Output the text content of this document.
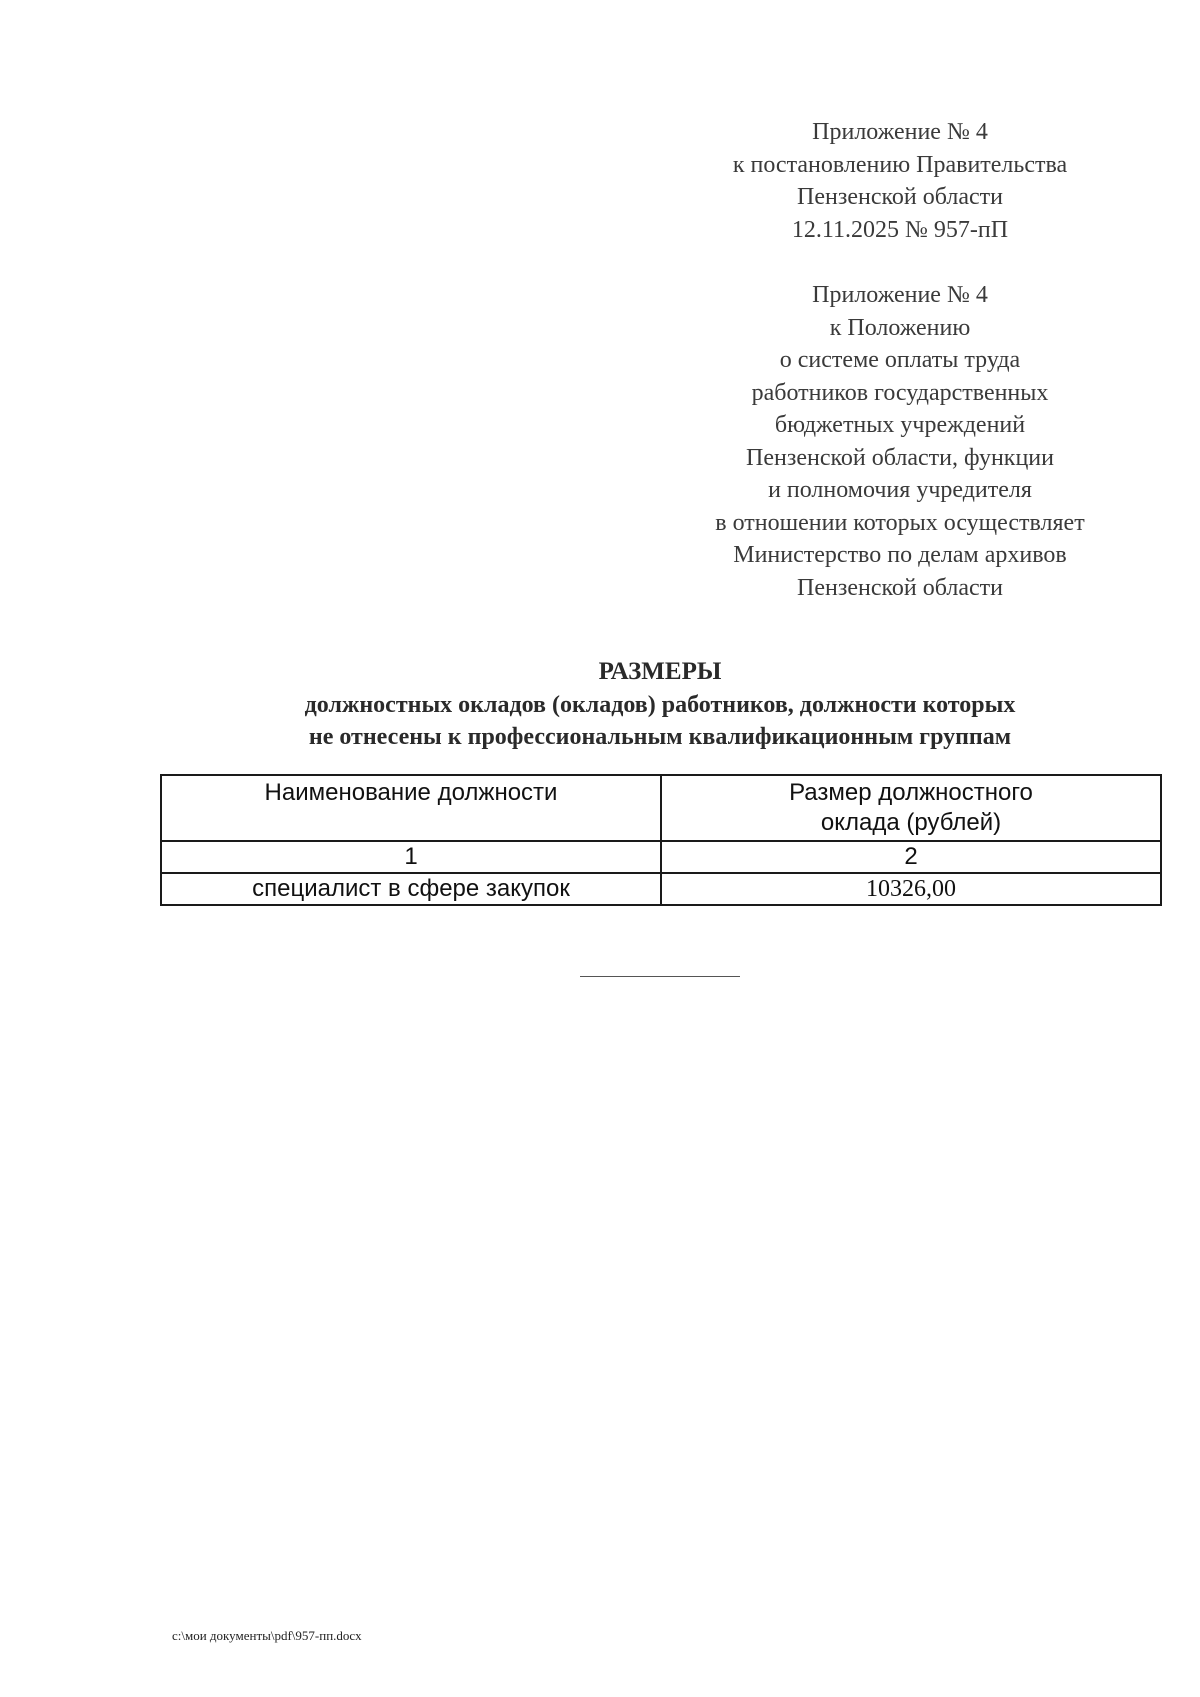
Приложение № 4
к постановлению Правительства
Пензенской области
12.11.2025 № 957-пП
Приложение № 4
к Положению
о системе оплаты труда
работников государственных
бюджетных учреждений
Пензенской области, функции
и полномочия учредителя
в отношении которых осуществляет
Министерство по делам архивов
Пензенской области
РАЗМЕРЫ
должностных окладов (окладов) работников, должности которых
не отнесены к профессиональным квалификационным группам
Наименование должности	Размер должностного
оклада (рублей)

1	2
специалист в сфере закупок	10326,00
c:\мои документы\pdf\957-пп.docx
